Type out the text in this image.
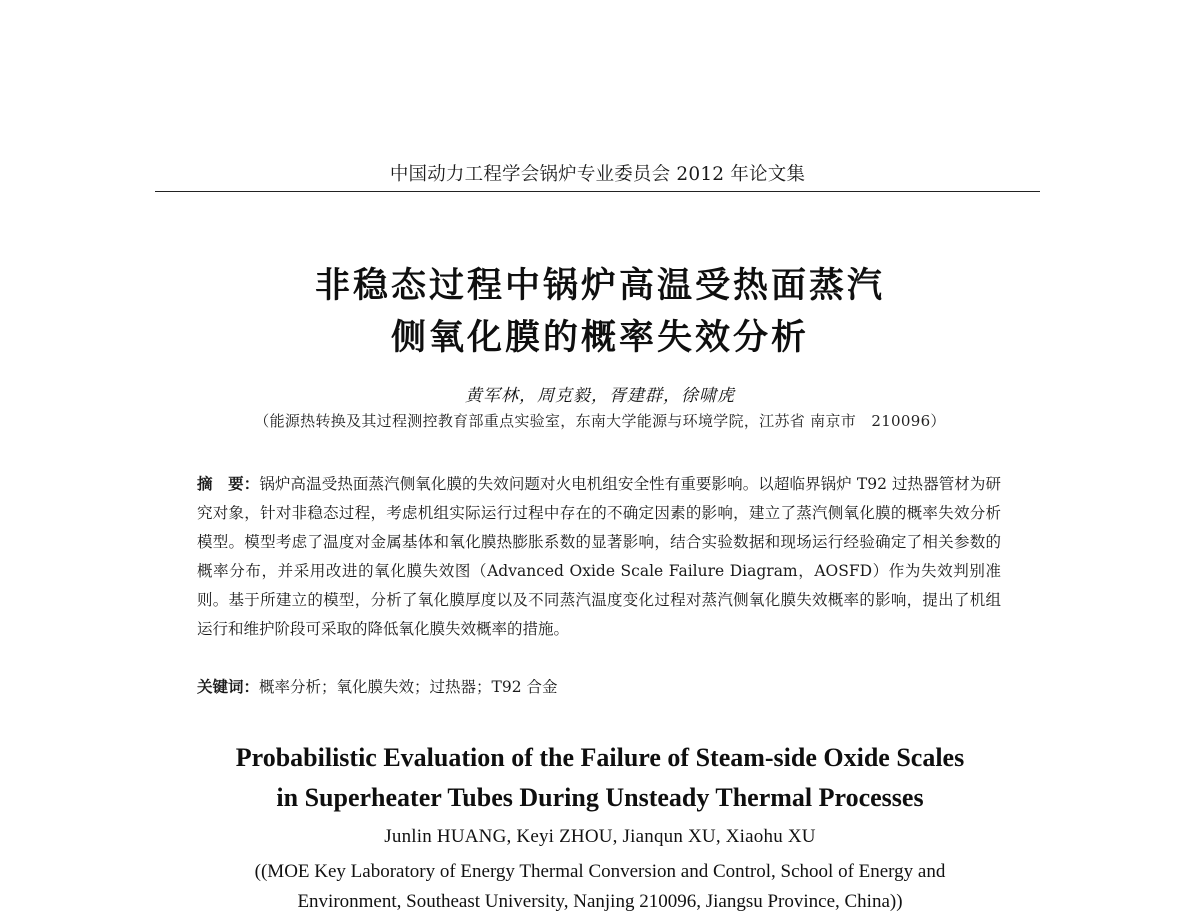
中国动力工程学会锅炉专业委员会 2012 年论文集
非稳态过程中锅炉高温受热面蒸汽
侧氧化膜的概率失效分析
黄军林，周克毅，胥建群，徐啸虎
（能源热转换及其过程测控教育部重点实验室，东南大学能源与环境学院，江苏省 南京市　210096）
摘　要：锅炉高温受热面蒸汽侧氧化膜的失效问题对火电机组安全性有重要影响。以超临界锅炉 T92 过热器管材为研究对象，针对非稳态过程，考虑机组实际运行过程中存在的不确定因素的影响，建立了蒸汽侧氧化膜的概率失效分析模型。模型考虑了温度对金属基体和氧化膜热膨胀系数的显著影响，结合实验数据和现场运行经验确定了相关参数的概率分布，并采用改进的氧化膜失效图（Advanced Oxide Scale Failure Diagram，AOSFD）作为失效判别准则。基于所建立的模型，分析了氧化膜厚度以及不同蒸汽温度变化过程对蒸汽侧氧化膜失效概率的影响，提出了机组运行和维护阶段可采取的降低氧化膜失效概率的措施。
关键词：概率分析；氧化膜失效；过热器；T92 合金
Probabilistic Evaluation of the Failure of Steam-side Oxide Scales
in Superheater Tubes During Unsteady Thermal Processes
Junlin HUANG, Keyi ZHOU, Jianqun XU, Xiaohu XU
((MOE Key Laboratory of Energy Thermal Conversion and Control, School of Energy and
Environment, Southeast University, Nanjing 210096, Jiangsu Province, China))
